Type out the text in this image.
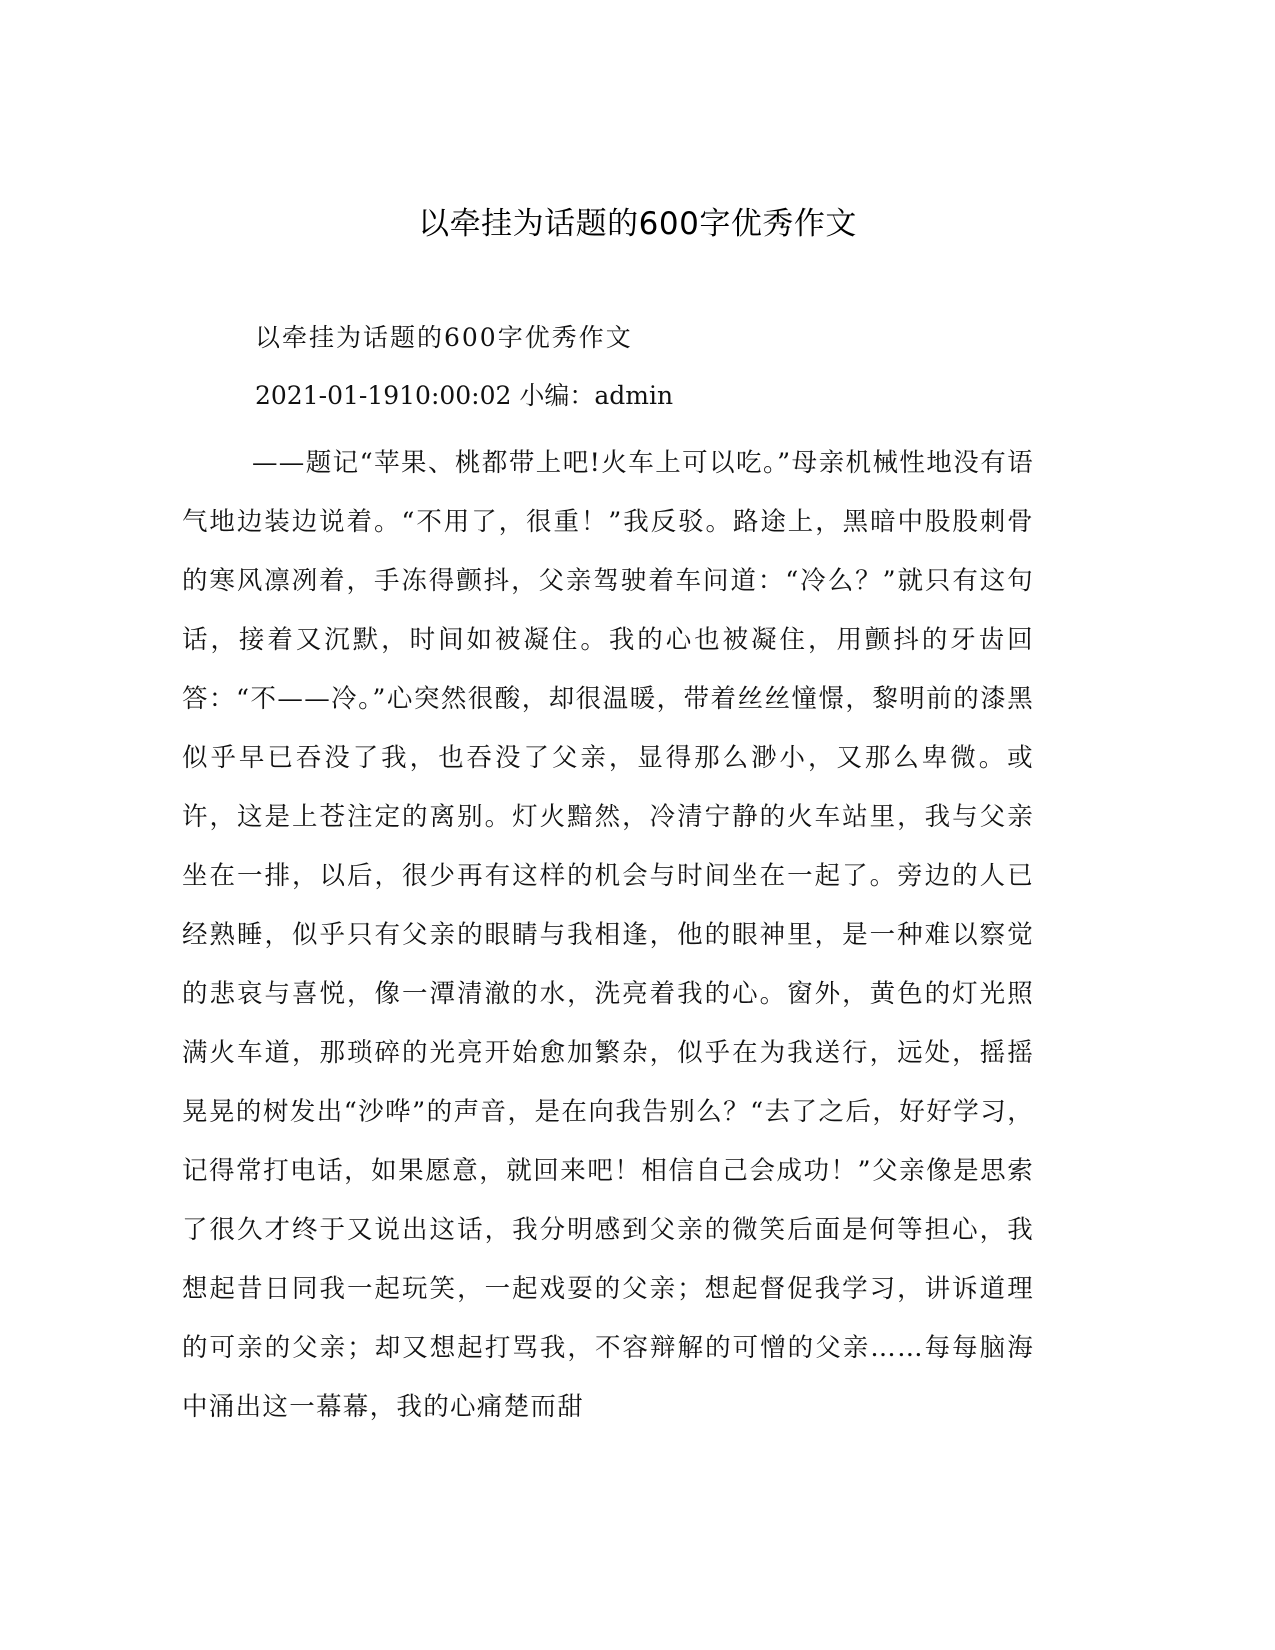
以牵挂为话题的600字优秀作文
以牵挂为话题的600字优秀作文
2021-01-1910:00:02 小编：admin

——题记“苹果、桃都带上吧!火车上可以吃。”母亲机械性地没有语气地边装边说着。“不用了，很重！”我反驳。路途上，黑暗中股股刺骨的寒风凛冽着，手冻得颤抖，父亲驾驶着车问道：“冷么？”就只有这句话，接着又沉默，时间如被凝住。我的心也被凝住，用颤抖的牙齿回答：“不——冷。”心突然很酸，却很温暖，带着丝丝憧憬，黎明前的漆黑似乎早已吞没了我，也吞没了父亲，显得那么渺小，又那么卑微。或许，这是上苍注定的离别。灯火黯然，冷清宁静的火车站里，我与父亲坐在一排，以后，很少再有这样的机会与时间坐在一起了。旁边的人已经熟睡，似乎只有父亲的眼睛与我相逢，他的眼神里，是一种难以察觉的悲哀与喜悦，像一潭清澈的水，洗亮着我的心。窗外，黄色的灯光照满火车道，那琐碎的光亮开始愈加繁杂，似乎在为我送行，远处，摇摇晃晃的树发出“沙哗”的声音，是在向我告别么？“去了之后，好好学习，记得常打电话，如果愿意，就回来吧！相信自己会成功！”父亲像是思索了很久才终于又说出这话，我分明感到父亲的微笑后面是何等担心，我想起昔日同我一起玩笑，一起戏耍的父亲；想起督促我学习，讲诉道理的可亲的父亲；却又想起打骂我，不容辩解的可憎的父亲……每每脑海中涌出这一幕幕，我的心痛楚而甜
